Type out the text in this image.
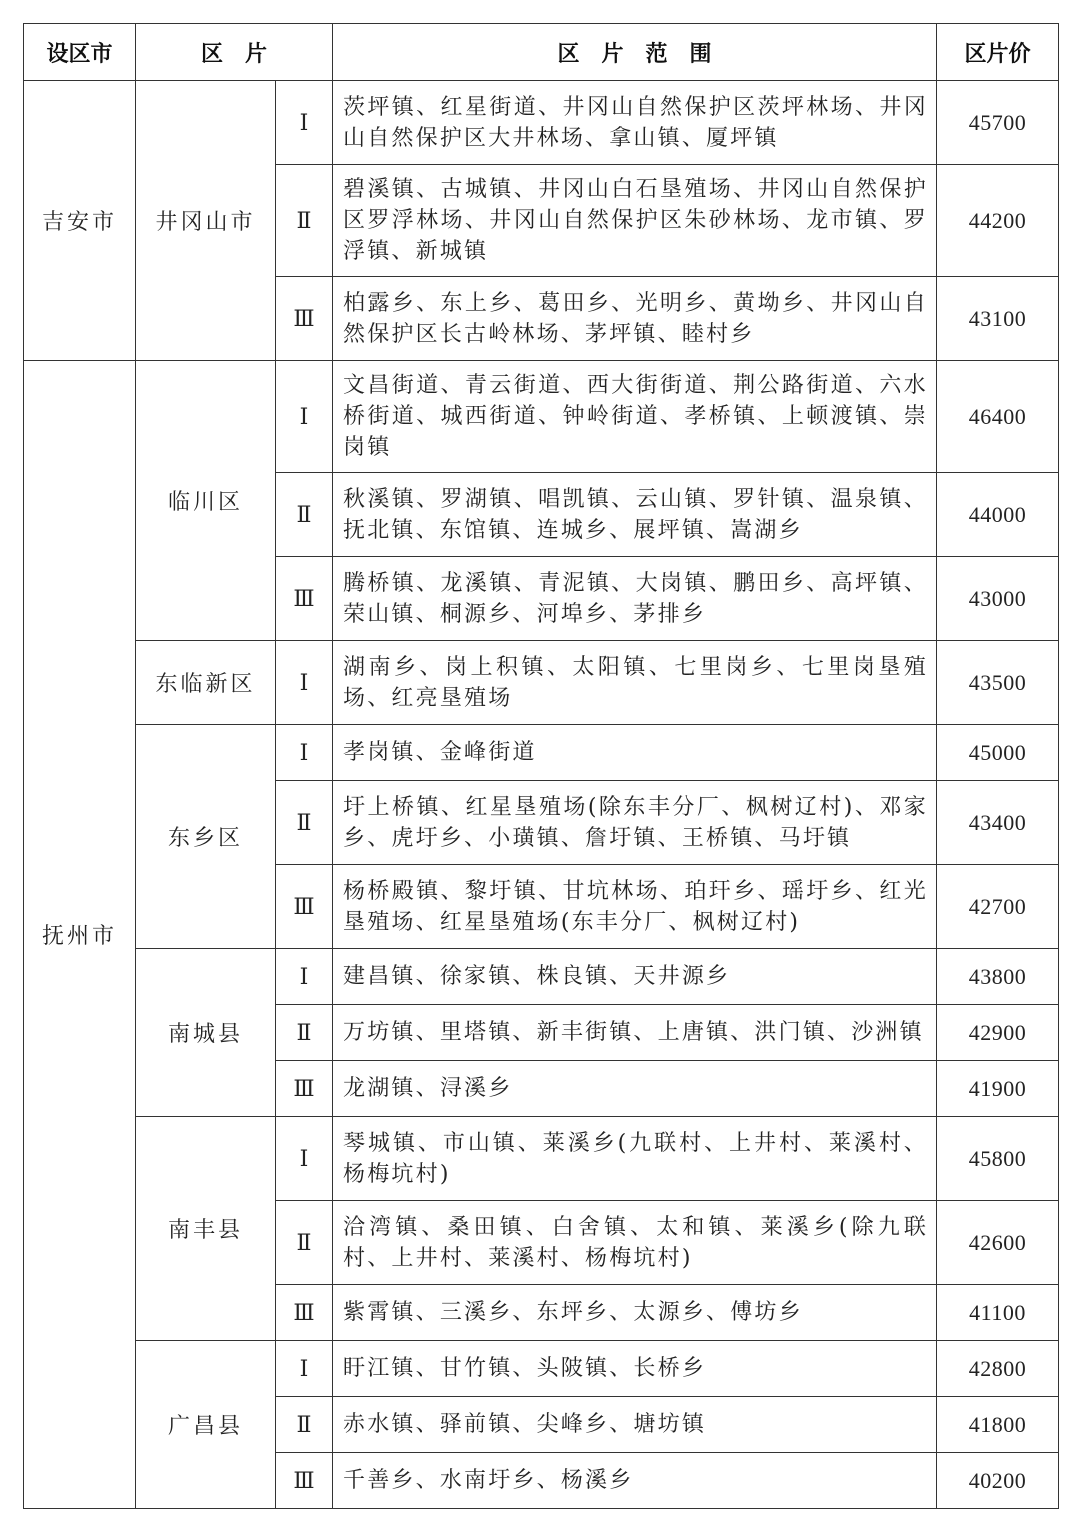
设区市	区　片		区　片　范　围	区片价
吉安市	井冈山市	Ⅰ	茨坪镇、红星街道、井冈山自然保护区茨坪林场、井冈山自然保护区大井林场、拿山镇、厦坪镇	45700
		Ⅱ	碧溪镇、古城镇、井冈山白石垦殖场、井冈山自然保护区罗浮林场、井冈山自然保护区朱砂林场、龙市镇、罗浮镇、新城镇	44200
		Ⅲ	柏露乡、东上乡、葛田乡、光明乡、黄坳乡、井冈山自然保护区长古岭林场、茅坪镇、睦村乡	43100
抚州市	临川区	Ⅰ	文昌街道、青云街道、西大街街道、荆公路街道、六水桥街道、城西街道、钟岭街道、孝桥镇、上顿渡镇、崇岗镇	46400
		Ⅱ	秋溪镇、罗湖镇、唱凯镇、云山镇、罗针镇、温泉镇、抚北镇、东馆镇、连城乡、展坪镇、嵩湖乡	44000
		Ⅲ	腾桥镇、龙溪镇、青泥镇、大岗镇、鹏田乡、高坪镇、荣山镇、桐源乡、河埠乡、茅排乡	43000
	东临新区	Ⅰ	湖南乡、岗上积镇、太阳镇、七里岗乡、七里岗垦殖场、红亮垦殖场	43500
	东乡区	Ⅰ	孝岗镇、金峰街道	45000
		Ⅱ	圩上桥镇、红星垦殖场(除东丰分厂、枫树辽村)、邓家乡、虎圩乡、小璜镇、詹圩镇、王桥镇、马圩镇	43400
		Ⅲ	杨桥殿镇、黎圩镇、甘坑林场、珀玕乡、瑶圩乡、红光垦殖场、红星垦殖场(东丰分厂、枫树辽村)	42700
	南城县	Ⅰ	建昌镇、徐家镇、株良镇、天井源乡	43800
		Ⅱ	万坊镇、里塔镇、新丰街镇、上唐镇、洪门镇、沙洲镇	42900
		Ⅲ	龙湖镇、浔溪乡	41900
	南丰县	Ⅰ	琴城镇、市山镇、莱溪乡(九联村、上井村、莱溪村、杨梅坑村)	45800
		Ⅱ	洽湾镇、桑田镇、白舍镇、太和镇、莱溪乡(除九联村、上井村、莱溪村、杨梅坑村)	42600
		Ⅲ	紫霄镇、三溪乡、东坪乡、太源乡、傅坊乡	41100
	广昌县	Ⅰ	盱江镇、甘竹镇、头陂镇、长桥乡	42800
		Ⅱ	赤水镇、驿前镇、尖峰乡、塘坊镇	41800
		Ⅲ	千善乡、水南圩乡、杨溪乡	40200
